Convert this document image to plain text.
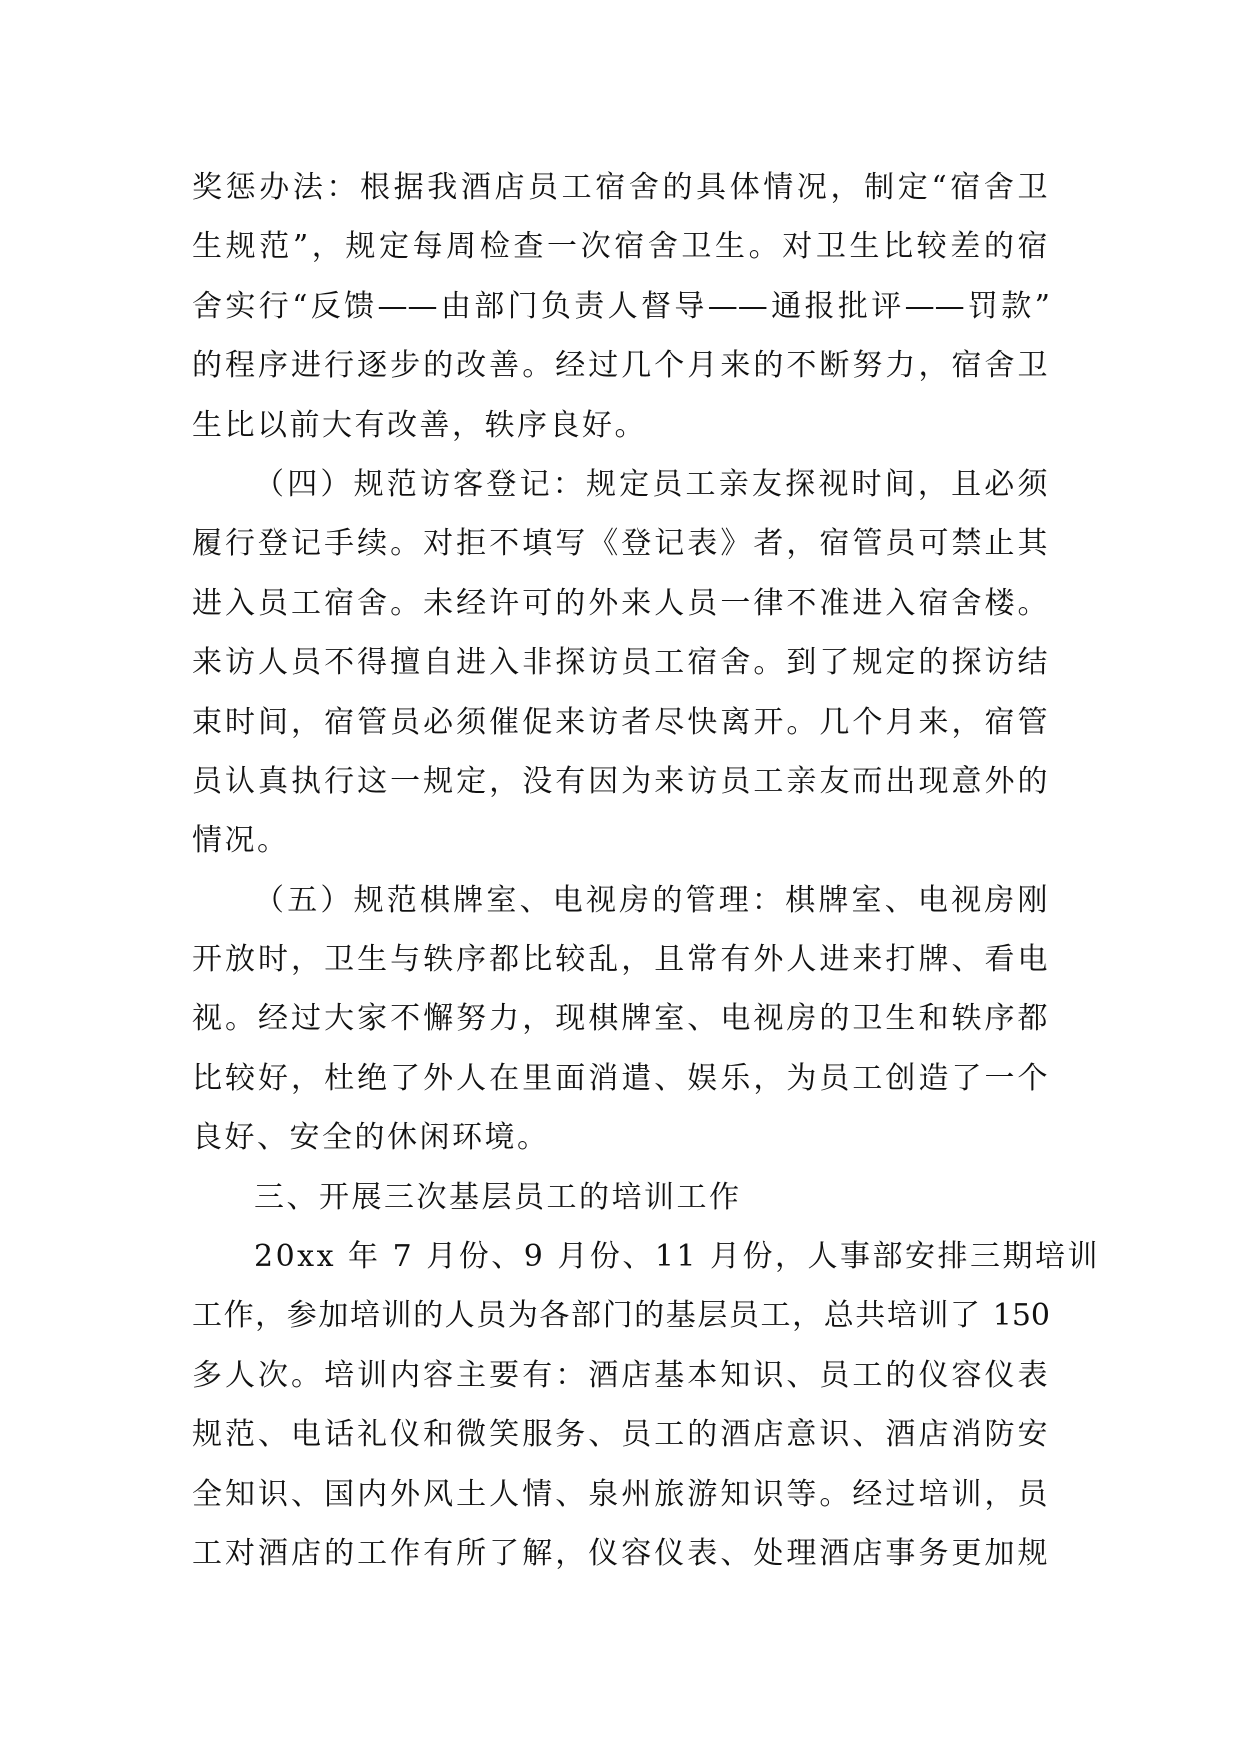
奖惩办法：根据我酒店员工宿舍的具体情况，制定“宿舍卫
生规范”，规定每周检查一次宿舍卫生。对卫生比较差的宿
舍实行“反馈——由部门负责人督导——通报批评——罚款”
的程序进行逐步的改善。经过几个月来的不断努力，宿舍卫
生比以前大有改善，轶序良好。
（四）规范访客登记：规定员工亲友探视时间，且必须
履行登记手续。对拒不填写《登记表》者，宿管员可禁止其
进入员工宿舍。未经许可的外来人员一律不准进入宿舍楼。
来访人员不得擅自进入非探访员工宿舍。到了规定的探访结
束时间，宿管员必须催促来访者尽快离开。几个月来，宿管
员认真执行这一规定，没有因为来访员工亲友而出现意外的
情况。
（五）规范棋牌室、电视房的管理：棋牌室、电视房刚
开放时，卫生与轶序都比较乱，且常有外人进来打牌、看电
视。经过大家不懈努力，现棋牌室、电视房的卫生和轶序都
比较好，杜绝了外人在里面消遣、娱乐，为员工创造了一个
良好、安全的休闲环境。
三、开展三次基层员工的培训工作
20xx 年 7 月份、9 月份、11 月份，人事部安排三期培训
工作，参加培训的人员为各部门的基层员工，总共培训了 150
多人次。培训内容主要有：酒店基本知识、员工的仪容仪表
规范、电话礼仪和微笑服务、员工的酒店意识、酒店消防安
全知识、国内外风土人情、泉州旅游知识等。经过培训，员
工对酒店的工作有所了解，仪容仪表、处理酒店事务更加规
